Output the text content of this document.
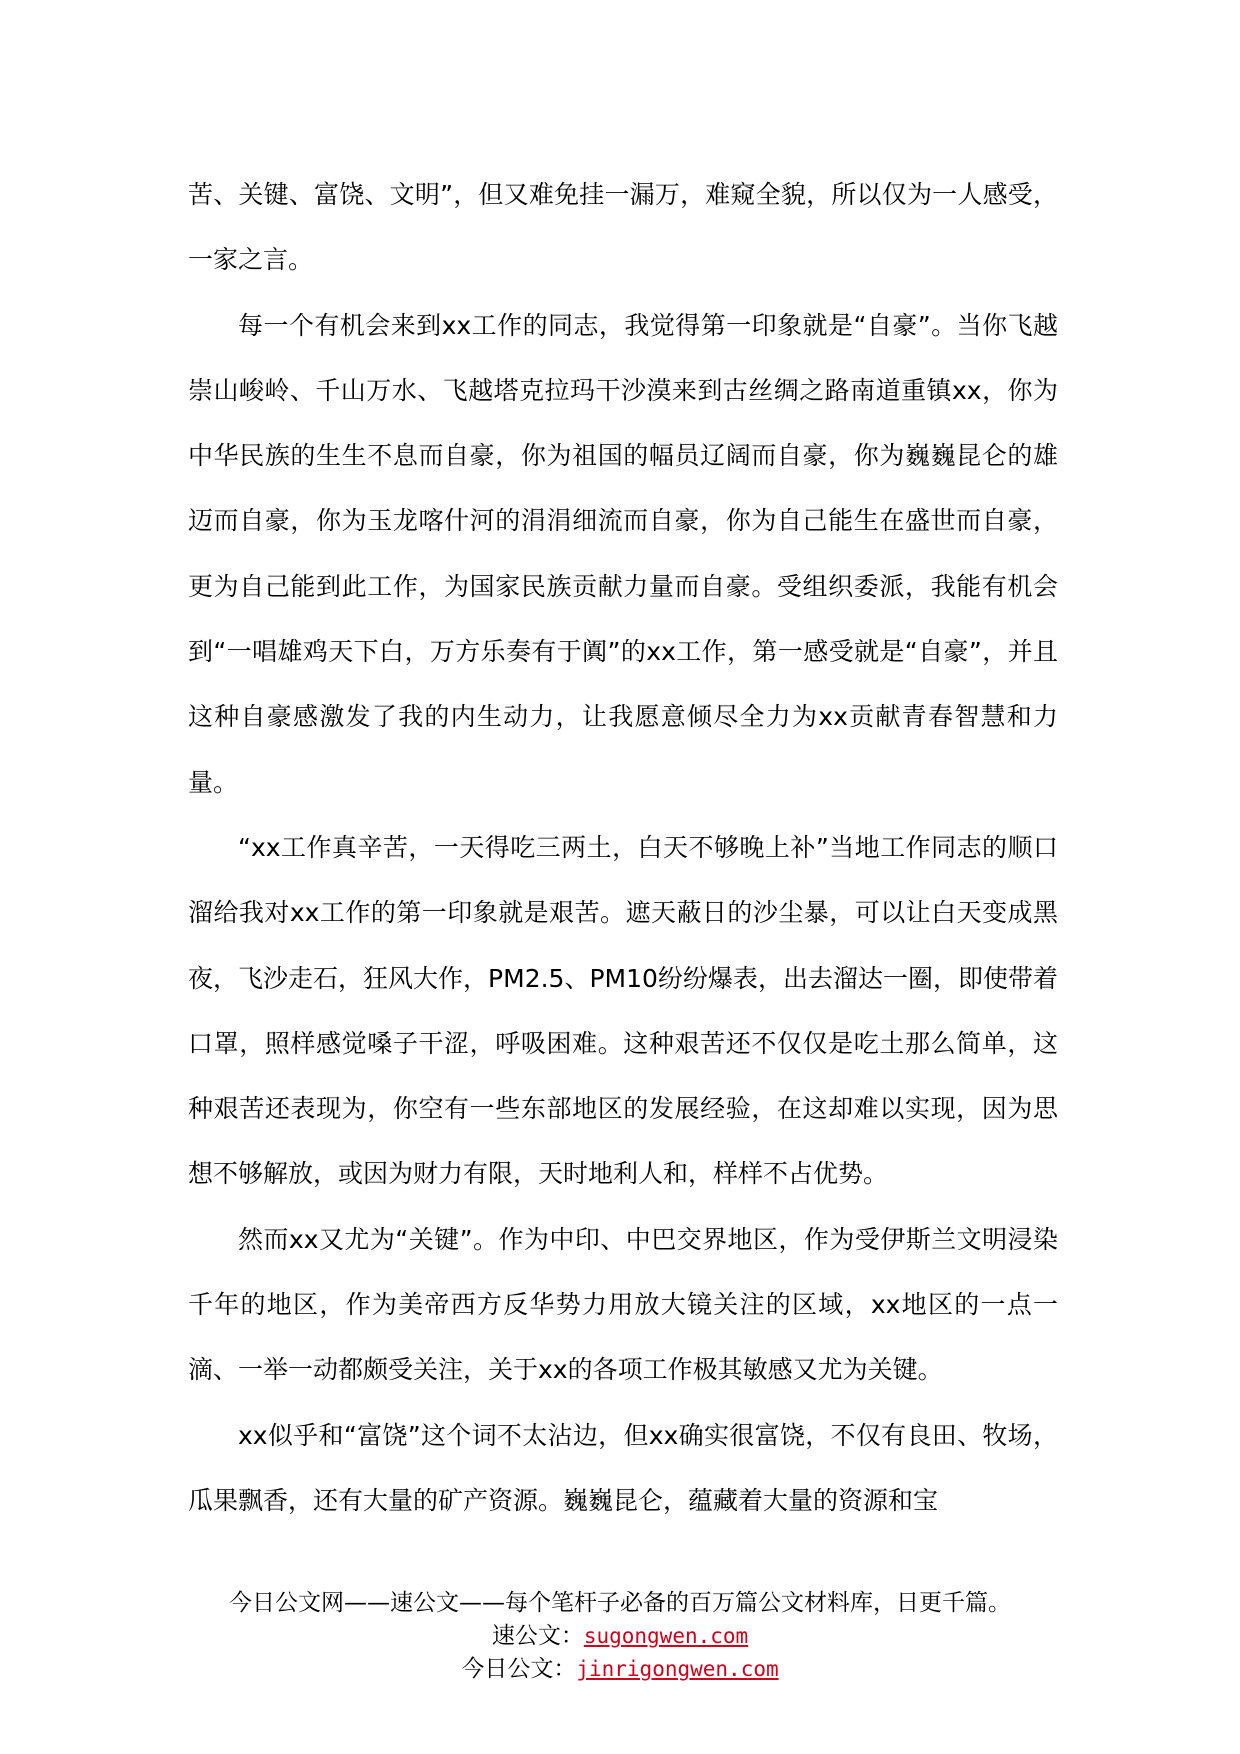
苦、关键、富饶、文明”，但又难免挂一漏万，难窥全貌，所以仅为一人感受，一家之言。

每一个有机会来到xx工作的同志，我觉得第一印象就是“自豪”。当你飞越崇山峻岭、千山万水、飞越塔克拉玛干沙漠来到古丝绸之路南道重镇xx，你为中华民族的生生不息而自豪，你为祖国的幅员辽阔而自豪，你为巍巍昆仑的雄迈而自豪，你为玉龙喀什河的涓涓细流而自豪，你为自己能生在盛世而自豪，更为自己能到此工作，为国家民族贡献力量而自豪。受组织委派，我能有机会到“一唱雄鸡天下白，万方乐奏有于阗”的xx工作，第一感受就是“自豪”，并且这种自豪感激发了我的内生动力，让我愿意倾尽全力为xx贡献青春智慧和力量。

“xx工作真辛苦，一天得吃三两土，白天不够晚上补”当地工作同志的顺口溜给我对xx工作的第一印象就是艰苦。遮天蔽日的沙尘暴，可以让白天变成黑夜，飞沙走石，狂风大作，PM2.5、PM10纷纷爆表，出去溜达一圈，即使带着口罩，照样感觉嗓子干涩，呼吸困难。这种艰苦还不仅仅是吃土那么简单，这种艰苦还表现为，你空有一些东部地区的发展经验，在这却难以实现，因为思想不够解放，或因为财力有限，天时地利人和，样样不占优势。

然而xx又尤为“关键”。作为中印、中巴交界地区，作为受伊斯兰文明浸染千年的地区，作为美帝西方反华势力用放大镜关注的区域，xx地区的一点一滴、一举一动都颇受关注，关于xx的各项工作极其敏感又尤为关键。

xx似乎和“富饶”这个词不太沾边，但xx确实很富饶，不仅有良田、牧场，瓜果飘香，还有大量的矿产资源。巍巍昆仑，蕴藏着大量的资源和宝

今日公文网——速公文——每个笔杆子必备的百万篇公文材料库，日更千篇。
速公文：sugongwen.com
今日公文：jinrigongwen.com
